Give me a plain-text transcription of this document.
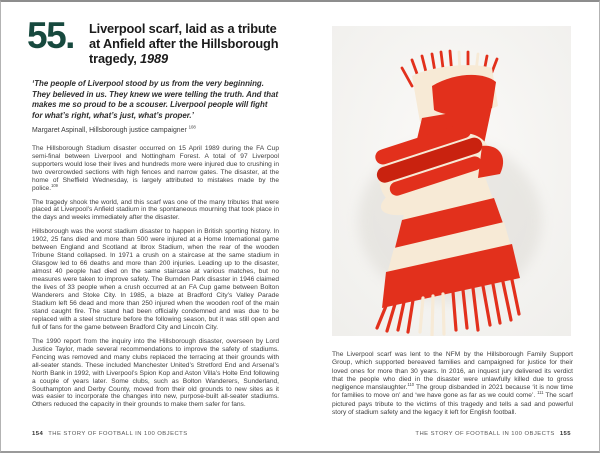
55. Liverpool scarf, laid as a tribute
at Anfield after the Hillsborough
tragedy, 1989

‘The people of Liverpool stood by us from the very beginning. They believed in us. They knew we were telling the truth. And that makes me so proud to be a scouser. Liverpool people will fight for what’s right, what’s just, what’s proper.’

Margaret Aspinall, Hillsborough justice campaigner $^{108}$

The Hillsborough Stadium disaster occurred on 15 April 1989 during the FA Cup semi-final between Liverpool and Nottingham Forest. A total of 97 Liverpool supporters would lose their lives and hundreds more were injured due to crushing in two overcrowded sections with high fences and narrow gates. The disaster, at the home of Sheffield Wednesday, is largely attributed to mistakes made by the police.$^{109}$

The tragedy shook the world, and this scarf was one of the many tributes that were placed at Liverpool’s Anfield stadium in the spontaneous mourning that took place in the days and weeks immediately after the disaster.

Hillsborough was the worst stadium disaster to happen in British sporting history. In 1902, 25 fans died and more than 500 were injured at a Home International game between England and Scotland at Ibrox Stadium, when the rear of the wooden Tribune Stand collapsed. In 1971 a crush on a staircase at the same stadium in Glasgow led to 66 deaths and more than 200 injuries. Leading up to the disaster, almost 40 people had died on the same staircase at various matches, but no measures were taken to improve safety. The Burnden Park disaster in 1946 claimed the lives of 33 people when a crush occurred at an FA Cup game between Bolton Wanderers and Stoke City. In 1985, a blaze at Bradford City’s Valley Parade Stadium left 56 dead and more than 250 injured when the wooden roof of the main stand caught fire. The stand had been officially condemned and was due to be replaced with a steel structure before the following season, but it was still open and full of fans for the game between Bradford City and Lincoln City.

The 1990 report from the inquiry into the Hillsborough disaster, overseen by Lord Justice Taylor, made several recommendations to improve the safety of stadiums. Fencing was removed and many clubs replaced the terracing at their grounds with all-seater stands. These included Manchester United’s Stretford End and Arsenal’s North Bank in 1992, with Liverpool’s Spion Kop and Aston Villa’s Holte End following a couple of years later. Some clubs, such as Bolton Wanderers, Sunderland, Southampton and Derby County, moved from their old grounds to new sites as it was easier to incorporate the changes into new, purpose-built all-seater stadiums. Others reduced the capacity in their grounds to make them safer for fans.

154 THE STORY OF FOOTBALL IN 100 OBJECTS

The Liverpool scarf was lent to the NFM by the Hillsborough Family Support Group, which supported bereaved families and campaigned for justice for their loved ones for more than 30 years. In 2016, an inquest jury delivered its verdict that the people who died in the disaster were unlawfully killed due to gross negligence manslaughter.$^{110}$ The group disbanded in 2021 because ‘it is now time for families to move on’ and ‘we have gone as far as we could come’. $^{111}$ The scarf pictured pays tribute to the victims of this tragedy and tells a sad and powerful story of stadium safety and the legacy it left for English football.

THE STORY OF FOOTBALL IN 100 OBJECTS 155
